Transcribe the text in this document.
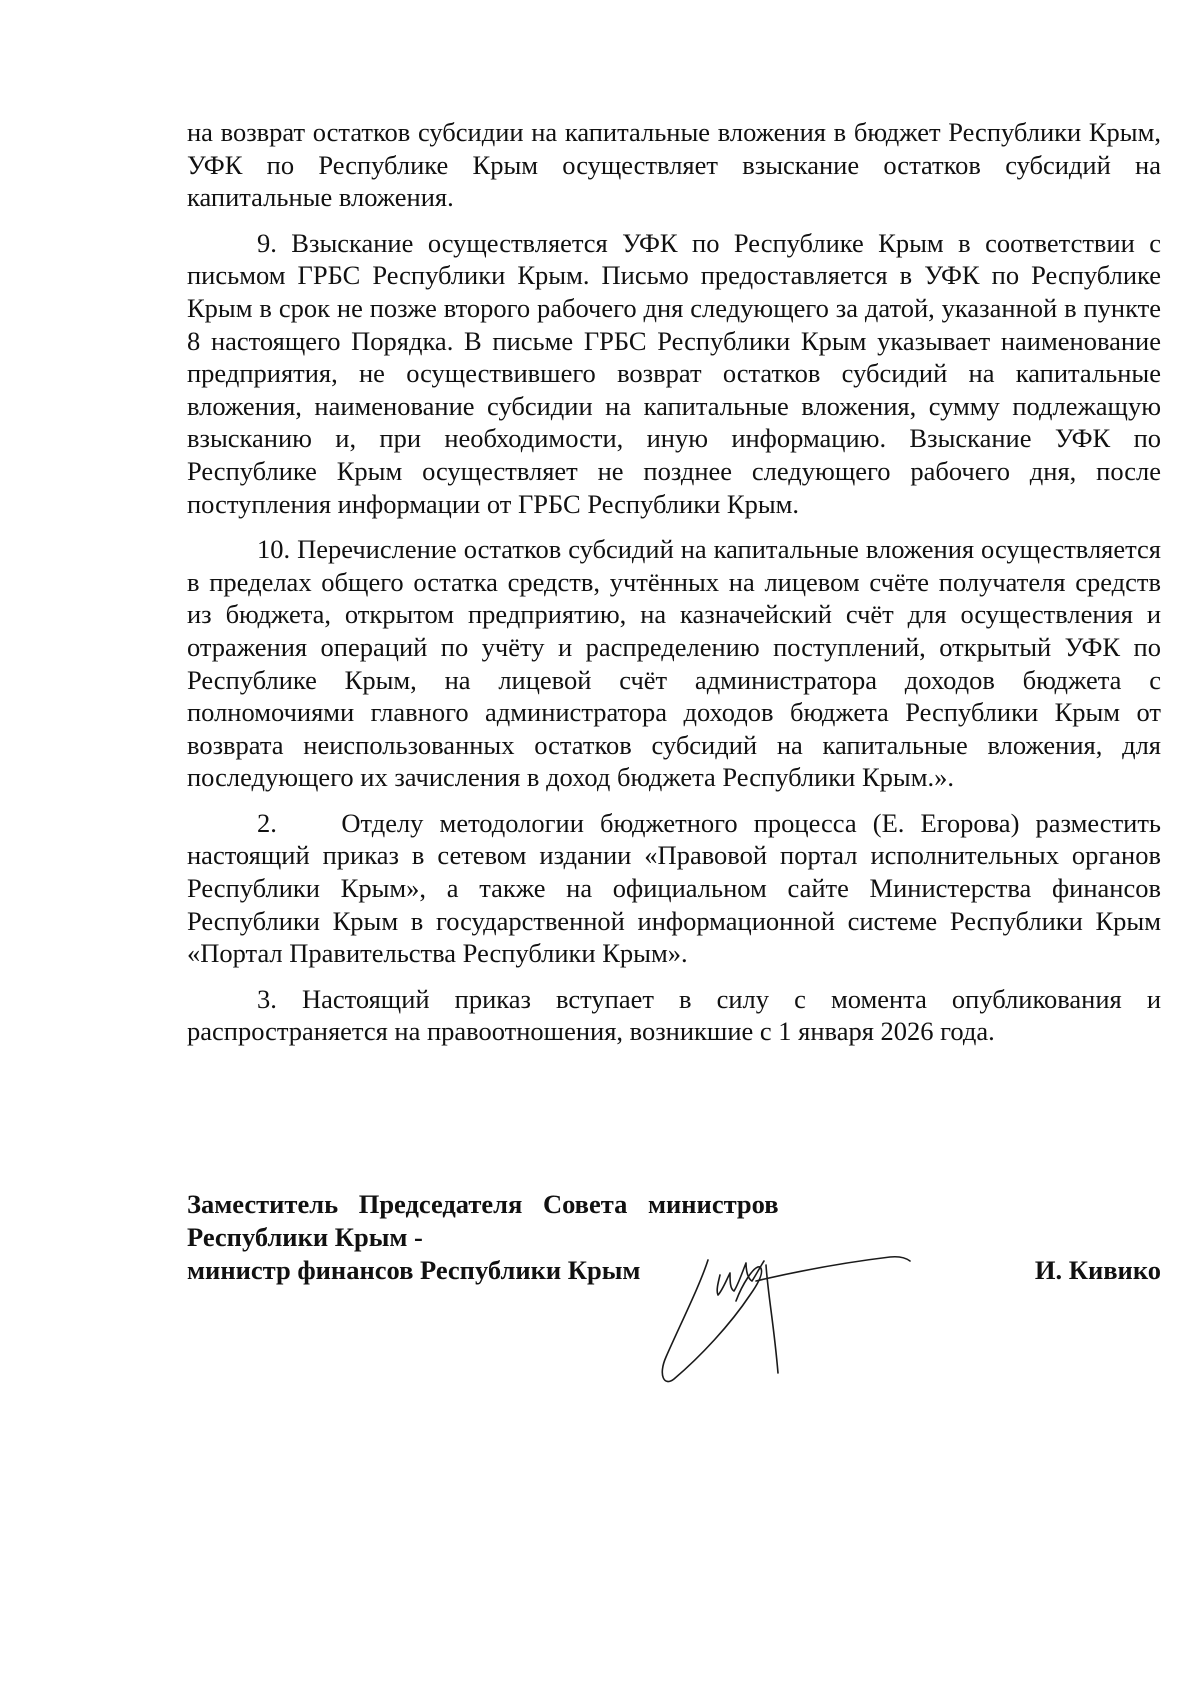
на возврат остатков субсидии на капитальные вложения в бюджет Республики Крым, УФК по Республике Крым осуществляет взыскание остатков субсидий на капитальные вложения.

9. Взыскание осуществляется УФК по Республике Крым в соответствии с письмом ГРБС Республики Крым. Письмо предоставляется в УФК по Республике Крым в срок не позже второго рабочего дня следующего за датой, указанной в пункте 8 настоящего Порядка. В письме ГРБС Республики Крым указывает наименование предприятия, не осуществившего возврат остатков субсидий на капитальные вложения, наименование субсидии на капитальные вложения, сумму подлежащую взысканию и, при необходимости, иную информацию. Взыскание УФК по Республике Крым осуществляет не позднее следующего рабочего дня, после поступления информации от ГРБС Республики Крым.

10. Перечисление остатков субсидий на капитальные вложения осуществляется в пределах общего остатка средств, учтённых на лицевом счёте получателя средств из бюджета, открытом предприятию, на казначейский счёт для осуществления и отражения операций по учёту и распределению поступлений, открытый УФК по Республике Крым, на лицевой счёт администратора доходов бюджета с полномочиями главного администратора доходов бюджета Республики Крым от возврата неиспользованных остатков субсидий на капитальные вложения, для последующего их зачисления в доход бюджета Республики Крым.».

2.    Отделу методологии бюджетного процесса (Е. Егорова) разместить настоящий приказ в сетевом издании «Правовой портал исполнительных органов Республики Крым», а также на официальном сайте Министерства финансов Республики Крым в государственной информационной системе Республики Крым «Портал Правительства Республики Крым».

3. Настоящий приказ вступает в силу с момента опубликования и распространяется на правоотношения, возникшие с 1 января 2026 года.

Заместитель Председателя Совета министров
Республики Крым -
министр финансов Республики Крым	И. Кивико
